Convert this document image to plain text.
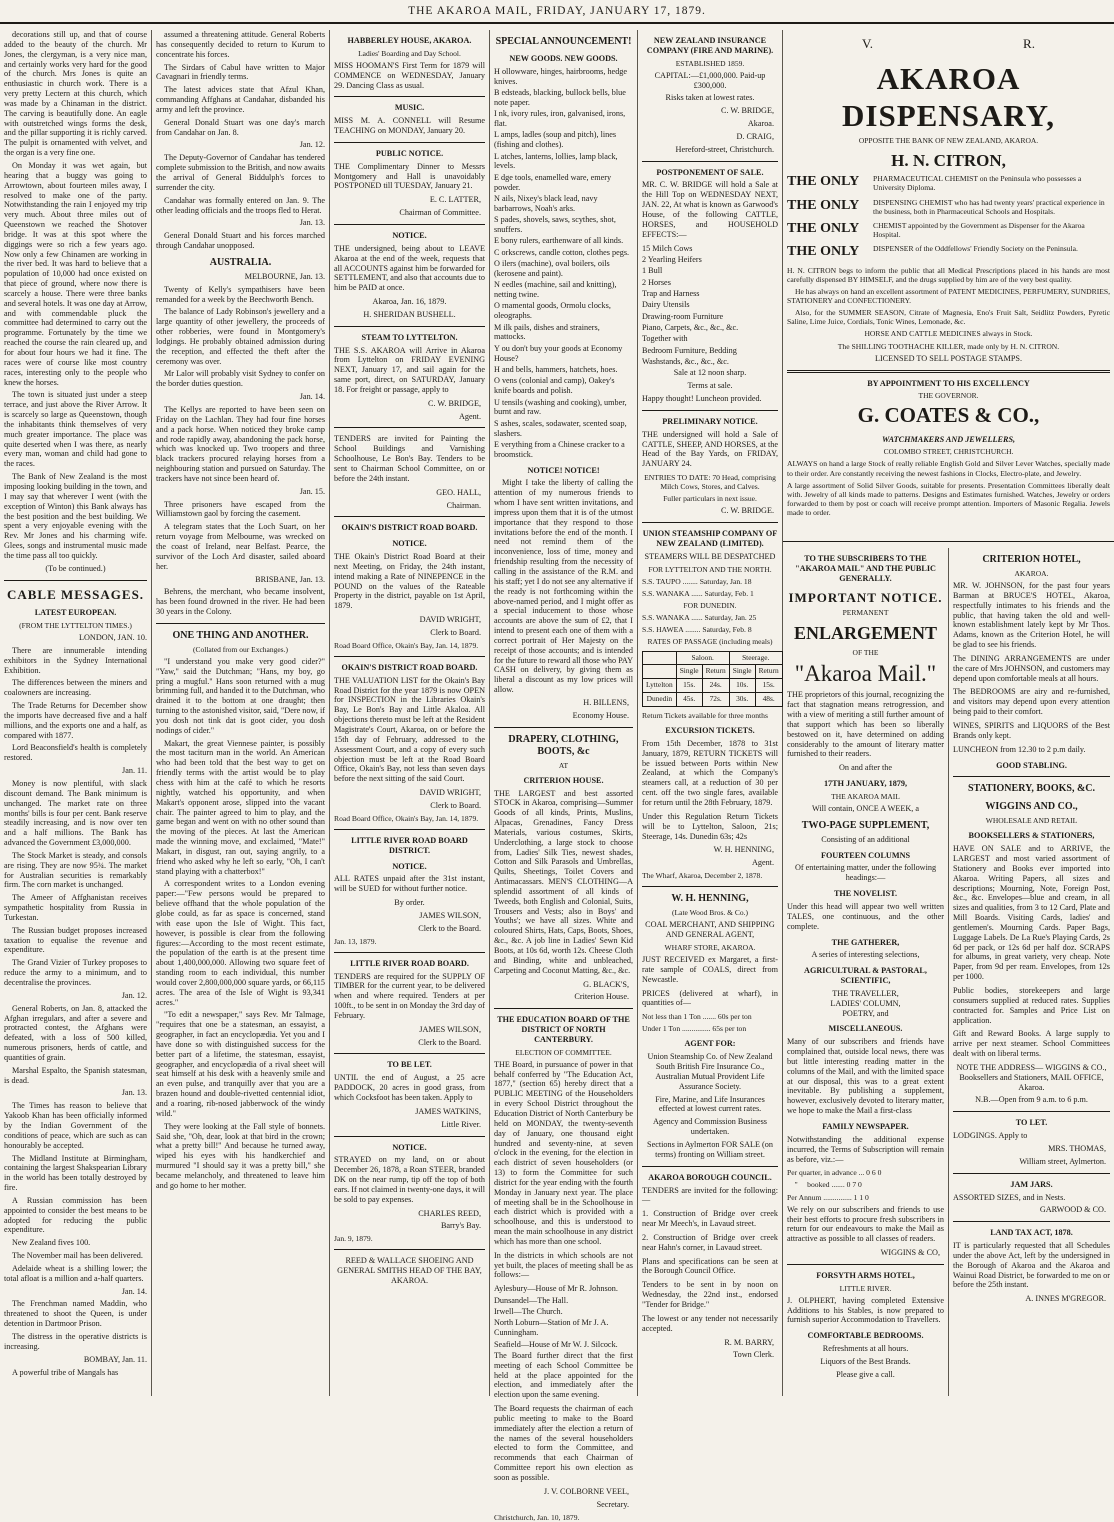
THE AKAROA MAIL, FRIDAY, JANUARY 17, 1879.

decorations still up, and that of course added to the beauty of the church. Mr Jones, the clergyman, is a very nice man, and certainly works very hard for the good of the church. Mrs Jones is quite an enthusiastic in church work. There is a very pretty Lectern at this church, which was made by a Chinaman in the district. The carving is beautifully done. An eagle with outstretched wings forms the desk, and the pillar supporting it is richly carved. The pulpit is ornamented with velvet, and the organ is a very fine one.

On Monday it was wet again, but hearing that a buggy was going to Arrowtown, about fourteen miles away, I resolved to make one of the party. Notwithstanding the rain I enjoyed my trip very much. About three miles out of Queenstown we reached the Shotover bridge. It was at this spot where the diggings were so rich a few years ago. Now only a few Chinamen are working in the river bed. It was hard to believe that a population of 10,000 had once existed on that piece of ground, where now there is scarcely a house. There were three banks and several hotels. It was one day at Arrow, and with commendable pluck the committee had determined to carry out the programme. Fortunately by the time we reached the course the rain cleared up, and for about four hours we had it fine. The races were of course like most country races, interesting only to the people who knew the horses.

The town is situated just under a steep terrace, and just above the River Arrow. It is scarcely so large as Queenstown, though the inhabitants think themselves of very much greater importance. The place was quite deserted when I was there, as nearly every man, woman and child had gone to the races.

The Bank of New Zealand is the most imposing looking building in the town, and I may say that wherever I went (with the exception of Winton) this Bank always has the best position and the best building. We spent a very enjoyable evening with the Rev. Mr Jones and his charming wife. Glees, songs and instrumental music made the time pass all too quickly.

(To be continued.)

CABLE MESSAGES.
LATEST EUROPEAN.
(FROM THE LYTTELTON TIMES.)

LONDON, JAN. 10.

There are innumerable intending exhibitors in the Sydney International Exhibition.

The differences between the miners and coalowners are increasing.

The Trade Returns for December show the imports have decreased five and a half millions, and the exports one and a half, as compared with 1877.

Lord Beaconsfield's health is completely restored.

Jan. 11.

Money is now plentiful, with slack discount demand. The Bank minimum is unchanged. The market rate on three months' bills is four per cent. Bank reserve steadily increasing, and is now over ten and a half millions. The Bank has advanced the Government £3,000,000.

The Stock Market is steady, and consols are rising. They are now 95¾. The market for Australian securities is remarkably firm. The corn market is unchanged.

The Ameer of Affghanistan receives sympathetic hospitality from Russia in Turkestan.

The Russian budget proposes increased taxation to equalise the revenue and expenditure.

The Grand Vizier of Turkey proposes to reduce the army to a minimum, and to decentralise the provinces.

Jan. 12.

General Roberts, on Jan. 8, attacked the Afghan irregulars, and after a severe and protracted contest, the Afghans were defeated, with a loss of 500 killed, numerous prisoners, herds of cattle, and quantities of grain.

Marshal Espalto, the Spanish statesman, is dead.

Jan. 13.

The Times has reason to believe that Yakoob Khan has been officially informed by the Indian Government of the conditions of peace, which are such as can honourably be accepted.

The Midland Institute at Birmingham, containing the largest Shakspearian Library in the world has been totally destroyed by fire.

A Russian commission has been appointed to consider the best means to be adopted for reducing the public expenditure.

New Zealand fives 100.

The November mail has been delivered.

Adelaide wheat is a shilling lower; the total afloat is a million and a-half quarters.

Jan. 14.

The Frenchman named Maddin, who threatened to shoot the Queen, is under detention in Dartmoor Prison.

The distress in the operative districts is increasing.

BOMBAY, Jan. 11.

A powerful tribe of Mangals has

assumed a threatening attitude. General Roberts has consequently decided to return to Kurum to concentrate his forces.

The Sirdars of Cabul have written to Major Cavagnari in friendly terms.

The latest advices state that Afzul Khan, commanding Affghans at Candahar, disbanded his army and left the province.

General Donald Stuart was one day's march from Candahar on Jan. 8.

Jan. 12.

The Deputy-Governor of Candahar has tendered complete submission to the British, and now awaits the arrival of General Biddulph's forces to surrender the city.

Candahar was formally entered on Jan. 9. The other leading officials and the troops fled to Herat.

Jan. 13.

General Donald Stuart and his forces marched through Candahar unopposed.

AUSTRALIA.

MELBOURNE, Jan. 13.

Twenty of Kelly's sympathisers have been remanded for a week by the Beechworth Bench.

The balance of Lady Robinson's jewellery and a large quantity of other jewellery, the proceeds of other robberies, were found in Montgomery's lodgings. He probably obtained admission during the reception, and effected the theft after the ceremony was over.

Mr Lalor will probably visit Sydney to confer on the border duties question.

Jan. 14.

The Kellys are reported to have been seen on Friday on the Lachlan. They had four fine horses and a pack horse. When noticed they broke camp and rode rapidly away, abandoning the pack horse, which was knocked up. Two troopers and three black trackers procured relaying horses from a neighbouring station and pursued on Saturday. The trackers have not since been heard of.

Jan. 15.

Three prisoners have escaped from the Williamstown gaol by forcing the casement.

A telegram states that the Loch Suart, on her return voyage from Melbourne, was wrecked on the coast of Ireland, near Belfast. Pearce, the survivor of the Loch Ard disaster, sailed aboard her.

BRISBANE, Jan. 13.

Behrens, the merchant, who became insolvent, has been found drowned in the river. He had been 30 years in the Colony.

ONE THING AND ANOTHER.
(Collated from our Exchanges.)

"I understand you make very good cider?" "Yaw," said the Dutchman; "Hans, my boy, go pring a mugful." Hans soon returned with a mug brimming full, and handed it to the Dutchman, who drained it to the bottom at one draught; then turning to the astonished visitor, said, "Dere now, if you dosh not tink dat is goot cider, you dosh nodings of cider."

Makart, the great Viennese painter, is possibly the most taciturn man in the world. An American who had been told that the best way to get on friendly terms with the artist would be to play chess with him at the café to which he resorts nightly, watched his opportunity, and when Makart's opponent arose, slipped into the vacant chair. The painter agreed to him to play, and the game began and went on with no other sound than the moving of the pieces. At last the American made the winning move, and exclaimed, "Mate!" Makart, in disgust, ran out, saying angrily, to a friend who asked why he left so early, "Oh, I can't stand playing with a chatterbox!"

A correspondent writes to a London evening paper:—"Few persons would be prepared to believe offhand that the whole population of the globe could, as far as space is concerned, stand with ease upon the Isle of Wight. This fact, however, is possible is clear from the following figures:—According to the most recent estimate, the population of the earth is at the present time about 1,400,000,000. Allowing two square feet of standing room to each individual, this number would cover 2,800,000,000 square yards, or 66,115 acres. The area of the Isle of Wight is 93,341 acres."

"To edit a newspaper," says Rev. Mr Talmage, "requires that one be a statesman, an essayist, a geographer, in fact an encyclopædia. Yet you and I have done so with distinguished success for the better part of a lifetime, the statesman, essayist, geographer, and encyclopædia of a rival sheet will seat himself at his desk with a heavenly smile and an even pulse, and tranquilly aver that you are a brazen hound and double-rivetted centennial idiot, and a roaring, rib-nosed jabberwock of the windy wild."

They were looking at the Fall style of bonnets. Said she, "Oh, dear, look at that bird in the crown; what a pretty bill!" And because he turned away, wiped his eyes with his handkerchief and murmured "I should say it was a pretty bill," she became melancholy, and threatened to leave him and go home to her mother.

HABBERLEY HOUSE, AKAROA.
Ladies' Boarding and Day School.

MISS HOOMAN'S First Term for 1879 will COMMENCE on WEDNESDAY, January 29. Dancing Class as usual.

MUSIC.

MISS M. A. CONNELL will Resume TEACHING on MONDAY, January 20.

PUBLIC NOTICE.

THE Complimentary Dinner to Messrs Montgomery and Hall is unavoidably POSTPONED till TUESDAY, January 21.

E. C. LATTER,
Chairman of Committee.
NOTICE.

THE undersigned, being about to LEAVE Akaroa at the end of the week, requests that all ACCOUNTS against him be forwarded for SETTLEMENT, and also that accounts due to him be PAID at once.

Akaroa, Jan. 16, 1879.

H. SHERIDAN BUSHELL.
STEAM TO LYTTELTON.

THE S.S. AKAROA will Arrive in Akaroa from Lyttelton on FRIDAY EVENING NEXT, January 17, and sail again for the same port, direct, on SATURDAY, January 18. For freight or passage, apply to

C. W. BRIDGE,
Agent.

TENDERS are invited for Painting the School Buildings and Varnishing Schoolhouse, Le Bon's Bay. Tenders to be sent to Chairman School Committee, on or before the 24th instant.

GEO. HALL,
Chairman.
OKAIN'S DISTRICT ROAD BOARD.
NOTICE.

THE Okain's District Road Board at their next Meeting, on Friday, the 24th instant, intend making a Rate of NINEPENCE in the POUND on the values of the Rateable Property in the district, payable on 1st April, 1879.

DAVID WRIGHT,
Clerk to Board.

Road Board Office, Okain's Bay, Jan. 14, 1879.

OKAIN'S DISTRICT ROAD BOARD.

THE VALUATION LIST for the Okain's Bay Road District for the year 1879 is now OPEN for INSPECTION in the Libraries Okain's Bay, Le Bon's Bay and Little Akaloa. All objections thereto must be left at the Resident Magistrate's Court, Akaroa, on or before the 15th day of February, addressed to the Assessment Court, and a copy of every such objection must be left at the Road Board Office, Okain's Bay, not less than seven days before the next sitting of the said Court.

DAVID WRIGHT,
Clerk to Board.

Road Board Office, Okain's Bay, Jan. 14, 1879.

LITTLE RIVER ROAD BOARD DISTRICT.
NOTICE.

ALL RATES unpaid after the 31st instant, will be SUED for without further notice.

By order.

JAMES WILSON,
Clerk to the Board.

Jan. 13, 1879.

LITTLE RIVER ROAD BOARD.

TENDERS are required for the SUPPLY OF TIMBER for the current year, to be delivered when and where required. Tenders at per 100ft., to be sent in on Monday the 3rd day of February.

JAMES WILSON,
Clerk to the Board.
TO BE LET.

UNTIL the end of August, a 25 acre PADDOCK, 20 acres in good grass, from which Cocksfoot has been taken. Apply to

JAMES WATKINS,
Little River.
NOTICE.

STRAYED on my land, on or about December 26, 1878, a Roan STEER, branded DK on the near rump, tip off the top of both ears. If not claimed in twenty-one days, it will be sold to pay expenses.

CHARLES REED,
Barry's Bay.

Jan. 9, 1879.

REED & WALLACE SHOEING AND GENERAL SMITHS HEAD OF THE BAY, AKAROA.

SPECIAL ANNOUNCEMENT!
NEW GOODS. NEW GOODS.

H ollowware, hinges, hairbrooms, hedge knives.

B edsteads, blacking, bullock bells, blue note paper.

I nk, ivory rules, iron, galvanised, irons, flat.

L amps, ladles (soup and pitch), lines (fishing and clothes).

L atches, lanterns, lollies, lamp black, levels.

E dge tools, enamelled ware, emery powder.

N ails, Nixey's black lead, navy barbarrows, Noah's arks.

S pades, shovels, saws, scythes, shot, snuffers.

E bony rulers, earthenware of all kinds.

C orkscrews, candle cotton, clothes pegs.

O ilers (machine), oval boilers, oils (kerosene and paint).

N eedles (machine, sail and knitting), netting twine.

O rnamental goods, Ormolu clocks, oleographs.

M ilk pails, dishes and strainers, mattocks.

Y ou don't buy your goods at Economy House?

H and bells, hammers, hatchets, hoes.

O vens (colonial and camp), Oakey's knife boards and polish.

U tensils (washing and cooking), umber, burnt and raw.

S ashes, scales, sodawater, scented soap, slashers.

E verything from a Chinese cracker to a broomstick.

NOTICE! NOTICE!

Might I take the liberty of calling the attention of my numerous friends to whom I have sent written invitations, and impress upon them that it is of the utmost importance that they respond to those invitations before the end of the month. I need not remind them of the inconvenience, loss of time, money and friendship resulting from the necessity of calling in the assistance of the R.M. and his staff; yet I do not see any alternative if the ready is not forthcoming within the above-named period, and I might offer as a special inducement to those whose accounts are above the sum of £2, that I intend to present each one of them with a correct portrait of Her Majesty on the receipt of those accounts; and is intended for the future to reward all those who PAY CASH on delivery, by giving them as liberal a discount as my low prices will allow.

H. BILLENS,
Economy House.
DRAPERY, CLOTHING, BOOTS, &c
AT
CRITERION HOUSE.

THE LARGEST and best assorted STOCK in Akaroa, comprising—Summer Goods of all kinds, Prints, Muslins, Alpacas, Grenadines, Fancy Dress Materials, various costumes, Skirts, Underclothing, a large stock to choose from, Ladies' Silk Ties, newest shades, Cotton and Silk Parasols and Umbrellas, Quilts, Sheetings, Toilet Covers and Antimacassars. MEN'S CLOTHING—A splendid assortment of all kinds of Tweeds, both English and Colonial, Suits, Trousers and Vests; also in Boys' and Youths'; we have all sizes. White and coloured Shirts, Hats, Caps, Boots, Shoes, &c., &c. A job line in Ladies' Sewn Kid Boots, at 10s 6d, worth 12s. Cheese Cloth and Binding, white and unbleached, Carpeting and Coconut Matting, &c., &c.

G. BLACK'S,
Criterion House.
THE EDUCATION BOARD OF THE DISTRICT OF NORTH CANTERBURY.
ELECTION OF COMMITTEE.

THE Board, in pursuance of power in that behalf conferred by "The Education Act, 1877," (section 65) hereby direct that a PUBLIC MEETING of the Householders in every School District throughout the Education District of North Canterbury be held on MONDAY, the twenty-seventh day of January, one thousand eight hundred and seventy-nine, at seven o'clock in the evening, for the election in each district of seven householders (or 13) to form the Committee for such district for the year ending with the fourth Monday in January next year. The place of meeting shall be in the Schoolhouse in each district which is provided with a schoolhouse, and this is understood to mean the main schoolhouse in any district which has more than one school.

In the districts in which schools are not yet built, the places of meeting shall be as follows:—

Aylesbury—House of Mr R. Johnson.

Dunsandel—The Hall.

Irwell—The Church.

North Loburn—Station of Mr J. A. Cunningham.

Seafield—House of Mr W. J. Silcock.

The Board further direct that the first meeting of each School Committee be held at the place appointed for the election, and immediately after the election upon the same evening.

The Board requests the chairman of each public meeting to make to the Board immediately after the election a return of the names of the several householders elected to form the Committee, and recommends that each Chairman of Committee report his own election as soon as possible.

J. V. COLBORNE VEEL,
Secretary.

Christchurch, Jan. 10, 1879.

NEW ZEALAND INSURANCE COMPANY (FIRE AND MARINE).
ESTABLISHED 1859.

CAPITAL:—£1,000,000. Paid-up £300,000.

Risks taken at lowest rates.

C. W. BRIDGE,
Akaroa.
D. CRAIG,
Hereford-street, Christchurch.
POSTPONEMENT OF SALE.

MR. C. W. BRIDGE will hold a Sale at the Hill Top on WEDNESDAY NEXT, JAN. 22, At what is known as Garwood's House, of the following CATTLE, HORSES, and HOUSEHOLD EFFECTS:—

15 Milch Cows

2 Yearling Heifers

1 Bull

2 Horses

Trap and Harness

Dairy Utensils

Drawing-room Furniture

Piano, Carpets, &c., &c., &c.

Together with

Bedroom Furniture, Bedding

Washstands, &c., &c., &c.

Sale at 12 noon sharp.

Terms at sale.

Happy thought! Luncheon provided.

PRELIMINARY NOTICE.

THE undersigned will hold a Sale of CATTLE, SHEEP, AND HORSES, at the Head of the Bay Yards, on FRIDAY, JANUARY 24.

ENTRIES TO DATE: 70 Head, comprising Milch Cows, Stores, and Calves.

Fuller particulars in next issue.

C. W. BRIDGE.
UNION STEAMSHIP COMPANY OF NEW ZEALAND (LIMITED).

STEAMERS WILL BE DESPATCHED

FOR LYTTELTON AND THE NORTH.

S.S. TAUPO ........ Saturday, Jan. 18

S.S. WANAKA ...... Saturday, Feb. 1

FOR DUNEDIN.

S.S. WANAKA ...... Saturday, Jan. 25

S.S. HAWEA ........ Saturday, Feb. 8

RATES OF PASSAGE (including meals)

	Saloon.		Steerage.	
	Single	Return	Single	Return
Lyttelton	15s.	24s.	10s.	15s.
Dunedin	45s.	72s.	30s.	48s.

Return Tickets available for three months

EXCURSION TICKETS.

From 15th December, 1878 to 31st January, 1879, RETURN TICKETS will be issued between Ports within New Zealand, at which the Company's steamers call, at a reduction of 30 per cent. off the two single fares, available for return until the 28th February, 1879.

Under this Regulation Return Tickets will be to Lyttelton, Saloon, 21s; Steerage, 14s. Dunedin 63s; 42s

W. H. HENNING,
Agent.

The Wharf, Akaroa, December 2, 1878.

W. H. HENNING,
(Late Wood Bros. & Co.)

COAL MERCHANT, AND SHIPPING AND GENERAL AGENT,

WHARF STORE, AKAROA.

JUST RECEIVED ex Margaret, a first-rate sample of COALS, direct from Newcastle.

PRICES (delivered at wharf), in quantities of—

Not less than 1 Ton ....... 60s per ton

Under 1 Ton ............... 65s per ton

AGENT FOR:

Union Steamship Co. of New Zealand South British Fire Insurance Co., Australian Mutual Provident Life Assurance Society.

Fire, Marine, and Life Insurances effected at lowest current rates.

Agency and Commission Business undertaken.

Sections in Aylmerton FOR SALE (on terms) fronting on William street.

AKAROA BOROUGH COUNCIL.

TENDERS are invited for the following:—

1. Construction of Bridge over creek near Mr Meech's, in Lavaud street.

2. Construction of Bridge over creek near Hahn's corner, in Lavaud street.

Plans and specifications can be seen at the Borough Council Office.

Tenders to be sent in by noon on Wednesday, the 22nd inst., endorsed "Tender for Bridge."

The lowest or any tender not necessarily accepted.

R. M. BARRY,
Town Clerk.
V.	R.
AKAROA DISPENSARY,
OPPOSITE THE BANK OF NEW ZEALAND, AKAROA.
H. N. CITRON,
THE ONLY	PHARMACEUTICAL CHEMIST on the Peninsula who possesses a University Diploma.
THE ONLY	DISPENSING CHEMIST who has had twenty years' practical experience in the business, both in Pharmaceutical Schools and Hospitals.
THE ONLY	CHEMIST appointed by the Government as Dispenser for the Akaroa Hospital.
THE ONLY	DISPENSER of the Oddfellows' Friendly Society on the Peninsula.

H. N. CITRON begs to inform the public that all Medical Prescriptions placed in his hands are most carefully dispensed BY HIMSELF, and the drugs supplied by him are of the very best quality.

He has always on hand an excellent assortment of PATENT MEDICINES, PERFUMERY, SUNDRIES, STATIONERY and CONFECTIONERY.

Also, for the SUMMER SEASON, Citrate of Magnesia, Eno's Fruit Salt, Seidlitz Powders, Pyretic Saline, Lime Juice, Cordials, Tonic Wines, Lemonade, &c.

HORSE AND CATTLE MEDICINES always in Stock.

The SHILLING TOOTHACHE KILLER, made only by H. N. CITRON.

LICENSED TO SELL POSTAGE STAMPS.

BY APPOINTMENT TO HIS EXCELLENCY
THE GOVERNOR.
G. COATES & CO.,
WATCHMAKERS AND JEWELLERS,
COLOMBO STREET, CHRISTCHURCH.

ALWAYS on hand a large Stock of really reliable English Gold and Silver Lever Watches, specially made to their order. Are constantly receiving the newest fashions in Clocks, Electro-plate, and Jewelry.

A large assortment of Solid Silver Goods, suitable for presents. Presentation Committees liberally dealt with. Jewelry of all kinds made to patterns. Designs and Estimates furnished. Watches, Jewelry or orders forwarded to them by post or coach will receive prompt attention. Importers of Masonic Regalia. Jewels made to order.

TO THE SUBSCRIBERS TO THE "AKAROA MAIL" AND THE PUBLIC GENERALLY.
IMPORTANT NOTICE.
PERMANENT
ENLARGEMENT
OF THE
"Akaroa Mail."

THE proprietors of this journal, recognizing the fact that stagnation means retrogression, and with a view of meriting a still further amount of that support which has been so liberally bestowed on it, have determined on adding considerably to the amount of literary matter furnished to their readers.

On and after the

17TH JANUARY, 1879,
THE AKAROA MAIL

Will contain, ONCE A WEEK, a

TWO-PAGE SUPPLEMENT,

Consisting of an additional

FOURTEEN COLUMNS

Of entertaining matter, under the following headings:—

THE NOVELIST.

Under this head will appear two well written TALES, one continuous, and the other complete.

THE GATHERER,

A series of interesting selections,

AGRICULTURAL & PASTORAL, SCIENTIFIC,
THE TRAVELLER,
LADIES' COLUMN,
POETRY, and
MISCELLANEOUS.

Many of our subscribers and friends have complained that, outside local news, there was but little interesting reading matter in the columns of the Mail, and with the limited space at our disposal, this was to a great extent inevitable. By publishing a supplement, however, exclusively devoted to literary matter, we hope to make the Mail a first-class

FAMILY NEWSPAPER.

Notwithstanding the additional expense incurred, the Terms of Subscription will remain as before, viz.:—

Per quarter, in advance ... 0 6 0

"     booked ....... 0 7 0

Per Annum ............... 1 1 0

We rely on our subscribers and friends to use their best efforts to procure fresh subscribers in return for our endeavours to make the Mail as attractive as possible to all classes of readers.

WIGGINS & CO,
FORSYTH ARMS HOTEL,
LITTLE RIVER.

J. OLPHERT, having completed Extensive Additions to his Stables, is now prepared to furnish superior Accommodation to Travellers.

COMFORTABLE BEDROOMS.

Refreshments at all hours.

Liquors of the Best Brands.

Please give a call.

CRITERION HOTEL,
AKAROA.

MR. W. JOHNSON, for the past four years Barman at BRUCE'S HOTEL, Akaroa, respectfully intimates to his friends and the public, that having taken the old and well-known establishment lately kept by Mr Thos. Adams, known as the Criterion Hotel, he will be glad to see his friends.

The DINING ARRANGEMENTS are under the care of Mrs JOHNSON, and customers may depend upon comfortable meals at all hours.

The BEDROOMS are airy and re-furnished, and visitors may depend upon every attention being paid to their comfort.

WINES, SPIRITS and LIQUORS of the Best Brands only kept.

LUNCHEON from 12.30 to 2 p.m daily.

GOOD STABLING.
STATIONERY, BOOKS, &C.
WIGGINS AND CO.,
WHOLESALE AND RETAIL
BOOKSELLERS & STATIONERS,

HAVE ON SALE and to ARRIVE, the LARGEST and most varied assortment of Stationery and Books ever imported into Akaroa. Writing Papers, all sizes and descriptions; Mourning, Note, Foreign Post, &c., &c. Envelopes—blue and cream, in all sizes and qualities, from 3 to 12 Card, Plate and Mill Boards. Visiting Cards, ladies' and gentlemen's. Mourning Cards. Paper Bags, Luggage Labels. De La Rue's Playing Cards, 2s 6d per pack, or 12s 6d per half doz. SCRAPS for albums, in great variety, very cheap. Note Paper, from 9d per ream. Envelopes, from 12s per 1000.

Public bodies, storekeepers and large consumers supplied at reduced rates. Supplies contracted for. Samples and Price List on application.

Gift and Reward Books. A large supply to arrive per next steamer. School Committees dealt with on liberal terms.

NOTE THE ADDRESS— WIGGINS & CO., Booksellers and Stationers, MAIL OFFICE, Akaroa.

N.B.—Open from 9 a.m. to 6 p.m.

TO LET.

LODGINGS. Apply to

MRS. THOMAS,
William street, Aylmerton.
JAM JARS.

ASSORTED SIZES, and in Nests.

GARWOOD & CO.
LAND TAX ACT, 1878.

IT is particularly requested that all Schedules under the above Act, left by the undersigned in the Borough of Akaroa and the Akaroa and Wainui Road District, be forwarded to me on or before the 25th instant.

A. INNES M'GREGOR.
